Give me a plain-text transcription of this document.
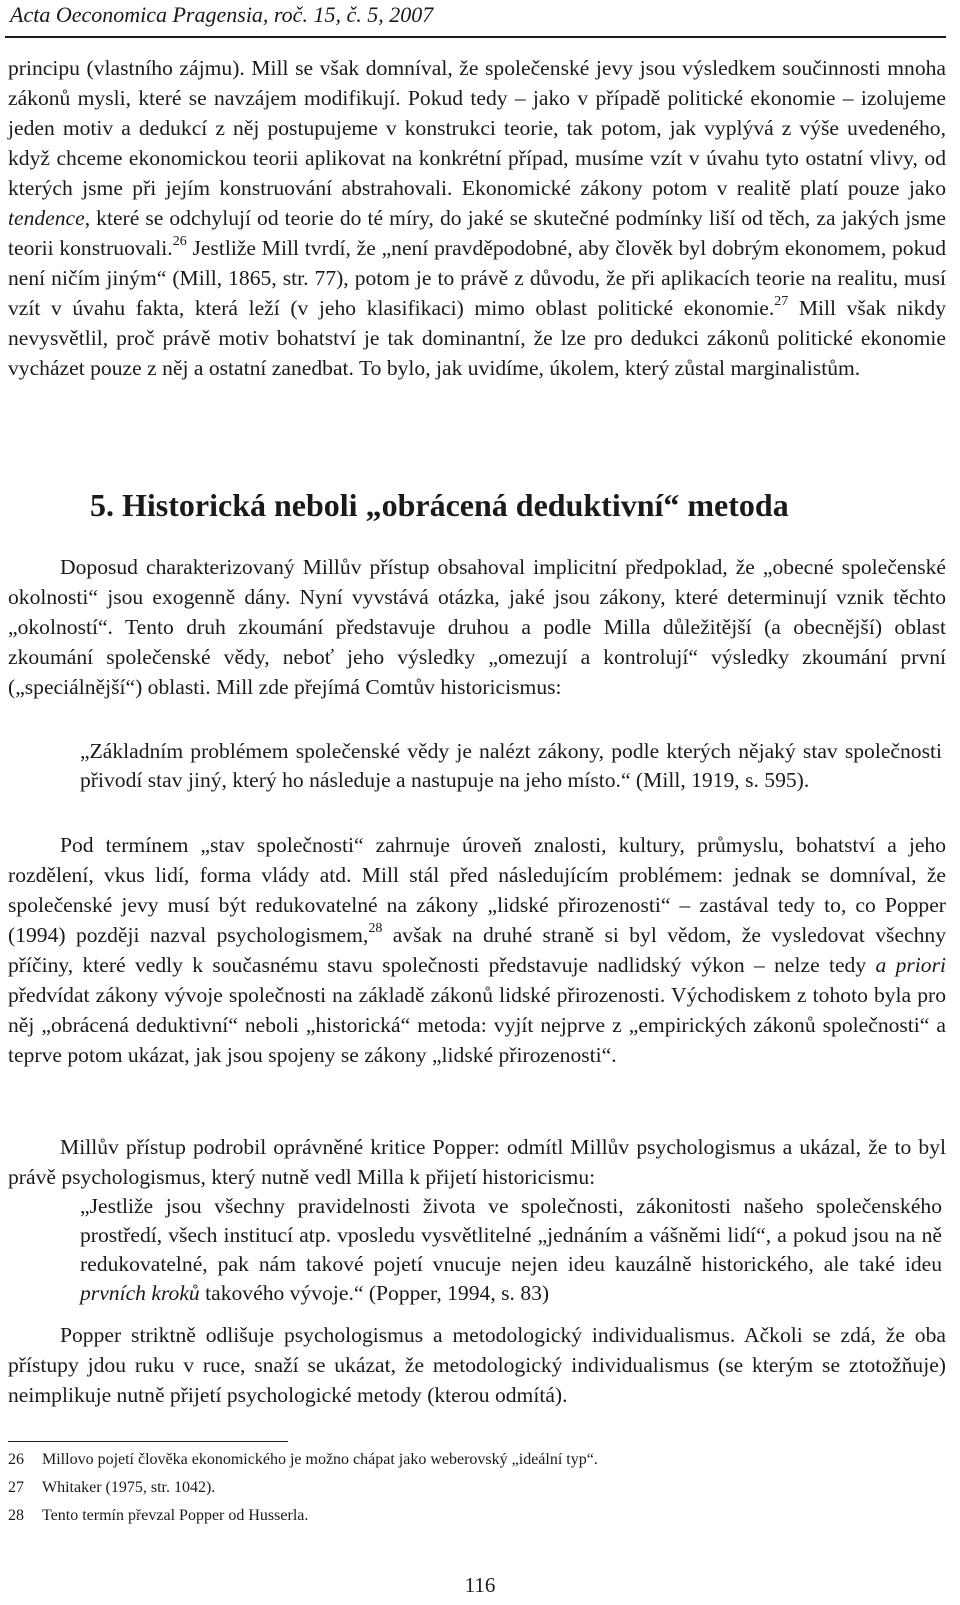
Acta Oeconomica Pragensia, roč. 15, č. 5, 2007

principu (vlastního zájmu). Mill se však domníval, že společenské jevy jsou výsledkem součinnosti mnoha zákonů mysli, které se navzájem modifikují. Pokud tedy – jako v případě politické ekonomie – izolujeme jeden motiv a dedukcí z něj postupujeme v konstrukci teorie, tak potom, jak vyplývá z výše uvedeného, když chceme ekonomickou teorii aplikovat na konkrétní případ, musíme vzít v úvahu tyto ostatní vlivy, od kterých jsme při jejím konstruování abstrahovali. Ekonomické zákony potom v realitě platí pouze jako tendence, které se odchylují od teorie do té míry, do jaké se skutečné podmínky liší od těch, za jakých jsme teorii konstruovali.$^{26}$ Jestliže Mill tvrdí, že „není pravděpodobné, aby člověk byl dobrým ekonomem, pokud není ničím jiným“ (Mill, 1865, str. 77), potom je to právě z důvodu, že při aplikacích teorie na realitu, musí vzít v úvahu fakta, která leží (v jeho klasifikaci) mimo oblast politické ekonomie.$^{27}$ Mill však nikdy nevysvětlil, proč právě motiv bohatství je tak dominantní, že lze pro dedukci zákonů politické ekonomie vycházet pouze z něj a ostatní zanedbat. To bylo, jak uvidíme, úkolem, který zůstal marginalistům.

5. Historická neboli „obrácená deduktivní“ metoda

Doposud charakterizovaný Millův přístup obsahoval implicitní předpoklad, že „obecné společenské okolnosti“ jsou exogenně dány. Nyní vyvstává otázka, jaké jsou zákony, které determinují vznik těchto „okolností“. Tento druh zkoumání představuje druhou a podle Milla důležitější (a obecnější) oblast zkoumání společenské vědy, neboť jeho výsledky „omezují a kontrolují“ výsledky zkoumání první („speciálnější“) oblasti. Mill zde přejímá Comtův historicismus:

„Základním problémem společenské vědy je nalézt zákony, podle kterých nějaký stav společnosti přivodí stav jiný, který ho následuje a nastupuje na jeho místo.“ (Mill, 1919, s. 595).

Pod termínem „stav společnosti“ zahrnuje úroveň znalosti, kultury, průmyslu, bohatství a jeho rozdělení, vkus lidí, forma vlády atd. Mill stál před následujícím problémem: jednak se domníval, že společenské jevy musí být redukovatelné na zákony „lidské přirozenosti“ – zastával tedy to, co Popper (1994) později nazval psychologismem,$^{28}$ avšak na druhé straně si byl vědom, že vysledovat všechny příčiny, které vedly k současnému stavu společnosti představuje nadlidský výkon – nelze tedy a priori předvídat zákony vývoje společnosti na základě zákonů lidské přirozenosti. Východiskem z tohoto byla pro něj „obrácená deduktivní“ neboli „historická“ metoda: vyjít nejprve z „empirických zákonů společnosti“ a teprve potom ukázat, jak jsou spojeny se zákony „lidské přirozenosti“.

Millův přístup podrobil oprávněné kritice Popper: odmítl Millův psychologismus a ukázal, že to byl právě psychologismus, který nutně vedl Milla k přijetí historicismu:

„Jestliže jsou všechny pravidelnosti života ve společnosti, zákonitosti našeho společenského prostředí, všech institucí atp. vposledu vysvětlitelné „jednáním a vášněmi lidí“, a pokud jsou na ně redukovatelné, pak nám takové pojetí vnucuje nejen ideu kauzálně historického, ale také ideu prvních kroků takového vývoje.“ (Popper, 1994, s. 83)

Popper striktně odlišuje psychologismus a metodologický individualismus. Ačkoli se zdá, že oba přístupy jdou ruku v ruce, snaží se ukázat, že metodologický individualismus (se kterým se ztotožňuje) neimplikuje nutně přijetí psychologické metody (kterou odmítá).

26 Millovo pojetí člověka ekonomického je možno chápat jako weberovský „ideální typ“.
27 Whitaker (1975, str. 1042).
28 Tento termín převzal Popper od Husserla.
116
